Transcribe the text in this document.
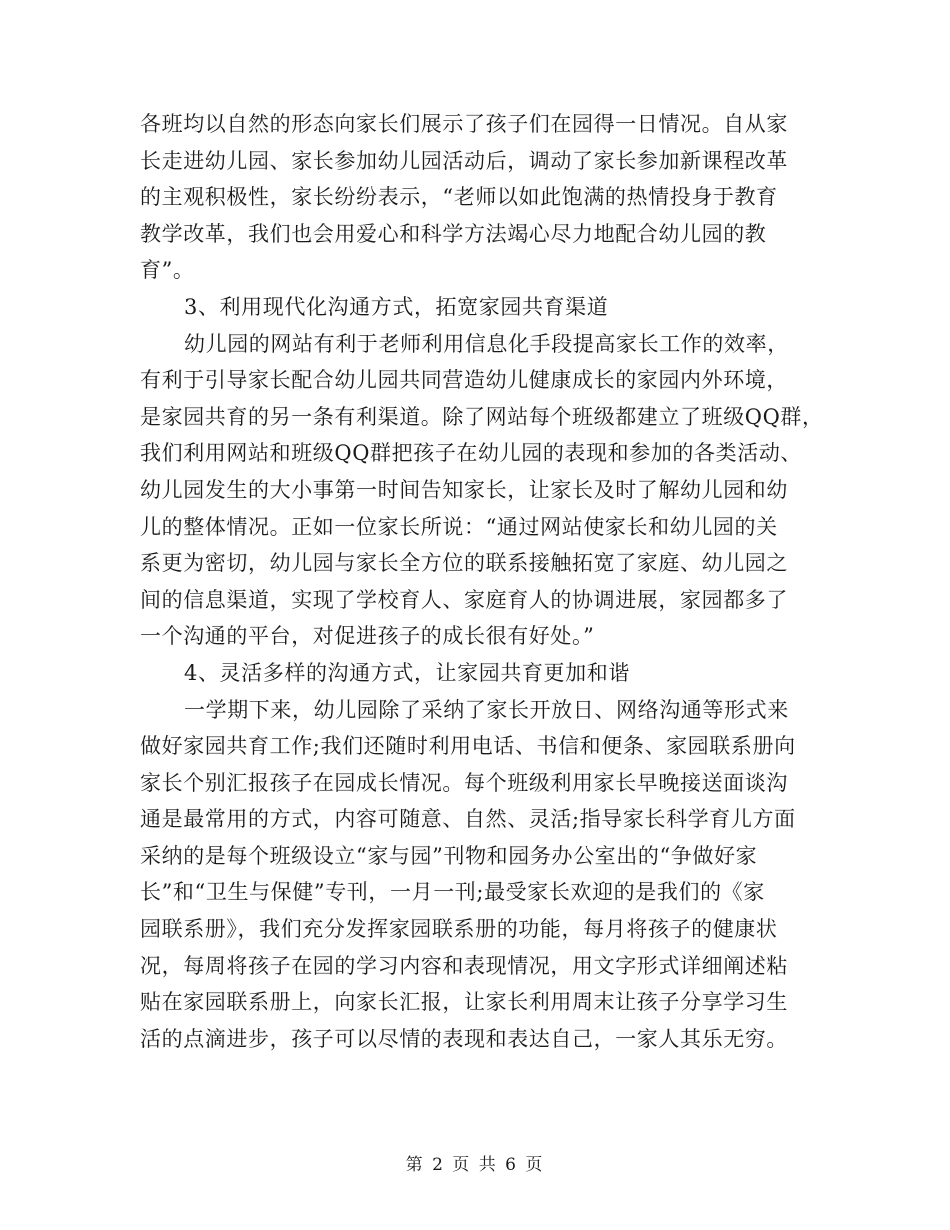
各班均以自然的形态向家长们展示了孩子们在园得一日情况。自从家
长走进幼儿园、家长参加幼儿园活动后，调动了家长参加新课程改革
的主观积极性，家长纷纷表示，“老师以如此饱满的热情投身于教育
教学改革，我们也会用爱心和科学方法竭心尽力地配合幼儿园的教
育”。
3、利用现代化沟通方式，拓宽家园共育渠道
幼儿园的网站有利于老师利用信息化手段提高家长工作的效率，
有利于引导家长配合幼儿园共同营造幼儿健康成长的家园内外环境，
是家园共育的另一条有利渠道。除了网站每个班级都建立了班级QQ群，
我们利用网站和班级QQ群把孩子在幼儿园的表现和参加的各类活动、
幼儿园发生的大小事第一时间告知家长，让家长及时了解幼儿园和幼
儿的整体情况。正如一位家长所说：“通过网站使家长和幼儿园的关
系更为密切，幼儿园与家长全方位的联系接触拓宽了家庭、幼儿园之
间的信息渠道，实现了学校育人、家庭育人的协调进展，家园都多了
一个沟通的平台，对促进孩子的成长很有好处。”
4、灵活多样的沟通方式，让家园共育更加和谐
一学期下来，幼儿园除了采纳了家长开放日、网络沟通等形式来
做好家园共育工作;我们还随时利用电话、书信和便条、家园联系册向
家长个别汇报孩子在园成长情况。每个班级利用家长早晚接送面谈沟
通是最常用的方式，内容可随意、自然、灵活;指导家长科学育儿方面
采纳的是每个班级设立“家与园”刊物和园务办公室出的“争做好家
长”和“卫生与保健”专刊，一月一刊;最受家长欢迎的是我们的《家
园联系册》，我们充分发挥家园联系册的功能，每月将孩子的健康状
况，每周将孩子在园的学习内容和表现情况，用文字形式详细阐述粘
贴在家园联系册上，向家长汇报，让家长利用周末让孩子分享学习生
活的点滴进步，孩子可以尽情的表现和表达自己，一家人其乐无穷。
第 2 页 共 6 页
